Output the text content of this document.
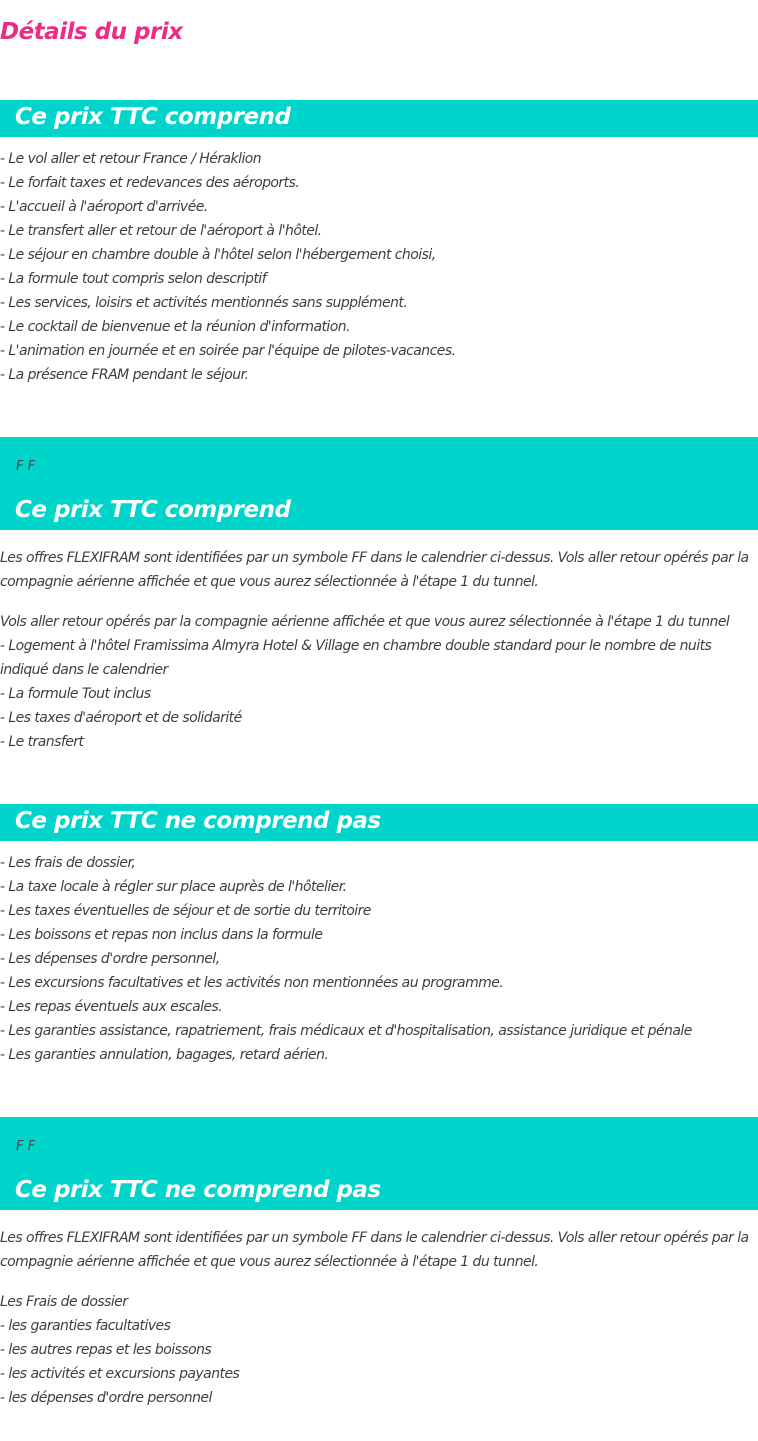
Détails du prix
Ce prix TTC comprend
- Le vol aller et retour France / Héraklion
- Le forfait taxes et redevances des aéroports.
- L'accueil à l'aéroport d'arrivée.
- Le transfert aller et retour de l'aéroport à l'hôtel.
- Le séjour en chambre double à l'hôtel selon l'hébergement choisi,
- La formule tout compris selon descriptif
- Les services, loisirs et activités mentionnés sans supplément.
- Le cocktail de bienvenue et la réunion d'information.
- L'animation en journée et en soirée par l'équipe de pilotes-vacances.
- La présence FRAM pendant le séjour.
F F
Ce prix TTC comprend

Les offres FLEXIFRAM sont identifiées par un symbole FF dans le calendrier ci-dessus. Vols aller retour opérés par la compagnie aérienne affichée et que vous aurez sélectionnée à l'étape 1 du tunnel.

Vols aller retour opérés par la compagnie aérienne affichée et que vous aurez sélectionnée à l'étape 1 du tunnel
- Logement à l'hôtel Framissima Almyra Hotel & Village en chambre double standard pour le nombre de nuits indiqué dans le calendrier
- La formule Tout inclus
- Les taxes d'aéroport et de solidarité
- Le transfert

Ce prix TTC ne comprend pas
- Les frais de dossier,
- La taxe locale à régler sur place auprès de l'hôtelier.
- Les taxes éventuelles de séjour et de sortie du territoire
- Les boissons et repas non inclus dans la formule
- Les dépenses d'ordre personnel,
- Les excursions facultatives et les activités non mentionnées au programme.
- Les repas éventuels aux escales.
- Les garanties assistance, rapatriement, frais médicaux et d'hospitalisation, assistance juridique et pénale
- Les garanties annulation, bagages, retard aérien.
F F
Ce prix TTC ne comprend pas

Les offres FLEXIFRAM sont identifiées par un symbole FF dans le calendrier ci-dessus. Vols aller retour opérés par la compagnie aérienne affichée et que vous aurez sélectionnée à l'étape 1 du tunnel.

Les Frais de dossier
- les garanties facultatives
- les autres repas et les boissons
- les activités et excursions payantes
- les dépenses d'ordre personnel
